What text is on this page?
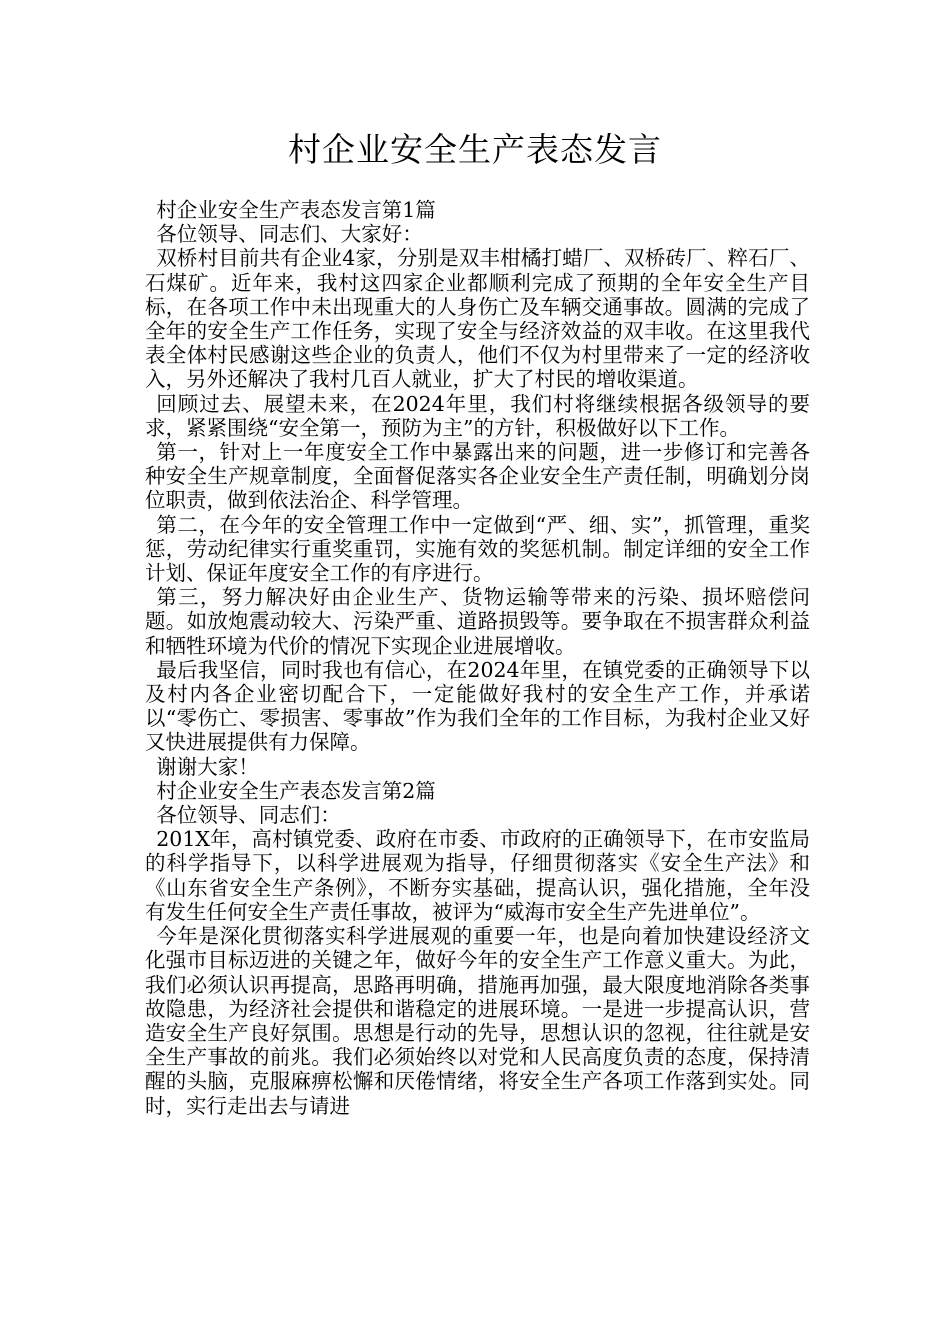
村企业安全生产表态发言

村企业安全生产表态发言第1篇

各位领导、同志们、大家好：

双桥村目前共有企业4家，分别是双丰柑橘打蜡厂、双桥砖厂、粹石厂、石煤矿。近年来，我村这四家企业都顺利完成了预期的全年安全生产目标，在各项工作中未出现重大的人身伤亡及车辆交通事故。圆满的完成了全年的安全生产工作任务，实现了安全与经济效益的双丰收。在这里我代表全体村民感谢这些企业的负责人，他们不仅为村里带来了一定的经济收入，另外还解决了我村几百人就业，扩大了村民的增收渠道。

回顾过去、展望未来，在2024年里，我们村将继续根据各级领导的要求，紧紧围绕“安全第一，预防为主”的方针，积极做好以下工作。

第一，针对上一年度安全工作中暴露出来的问题，进一步修订和完善各种安全生产规章制度，全面督促落实各企业安全生产责任制，明确划分岗位职责，做到依法治企、科学管理。

第二，在今年的安全管理工作中一定做到“严、细、实”，抓管理，重奖惩，劳动纪律实行重奖重罚，实施有效的奖惩机制。制定详细的安全工作计划、保证年度安全工作的有序进行。

第三，努力解决好由企业生产、货物运输等带来的污染、损坏赔偿问题。如放炮震动较大、污染严重、道路损毁等。要争取在不损害群众利益和牺牲环境为代价的情况下实现企业进展增收。

最后我坚信，同时我也有信心，在2024年里，在镇党委的正确领导下以及村内各企业密切配合下，一定能做好我村的安全生产工作，并承诺以“零伤亡、零损害、零事故”作为我们全年的工作目标，为我村企业又好又快进展提供有力保障。

谢谢大家！

村企业安全生产表态发言第2篇

各位领导、同志们：

201X年，高村镇党委、政府在市委、市政府的正确领导下，在市安监局的科学指导下，以科学进展观为指导，仔细贯彻落实《安全生产法》和《山东省安全生产条例》，不断夯实基础，提高认识，强化措施，全年没有发生任何安全生产责任事故，被评为“威海市安全生产先进单位”。

今年是深化贯彻落实科学进展观的重要一年，也是向着加快建设经济文化强市目标迈进的关键之年，做好今年的安全生产工作意义重大。为此，我们必须认识再提高，思路再明确，措施再加强，最大限度地消除各类事故隐患，为经济社会提供和谐稳定的进展环境。一是进一步提高认识，营造安全生产良好氛围。思想是行动的先导，思想认识的忽视，往往就是安全生产事故的前兆。我们必须始终以对党和人民高度负责的态度，保持清醒的头脑，克服麻痹松懈和厌倦情绪，将安全生产各项工作落到实处。同时，实行走出去与请进
